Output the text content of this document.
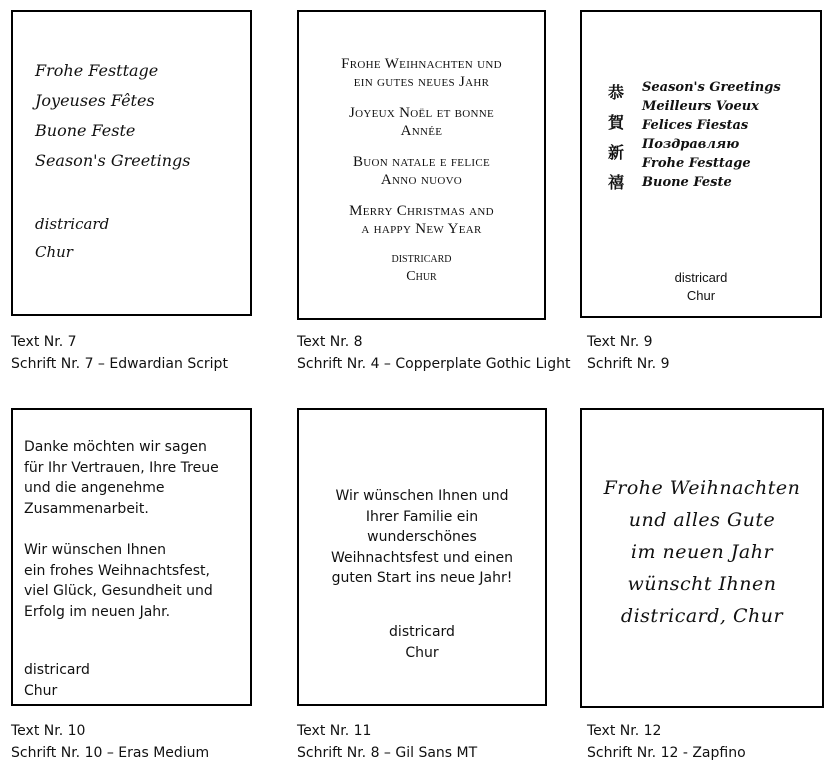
Frohe Festtage
Joyeuses Fêtes
Buone Feste
Season's Greetings
districard
Chur
Frohe Weihnachten und
ein gutes neues Jahr
Joyeux Noël et bonne
Année
Buon natale e felice
Anno nuovo
Merry Christmas and
a happy New Year
districard
Chur
恭
賀
新
禧
Season's Greetings
Meilleurs Voeux
Felices Fiestas
Поздравляю
Frohe Festtage
Buone Feste
districard
Chur
Danke möchten wir sagen
für Ihr Vertrauen, Ihre Treue
und die angenehme
Zusammenarbeit.
Wir wünschen Ihnen
ein frohes Weihnachtsfest,
viel Glück, Gesundheit und
Erfolg im neuen Jahr.
districard
Chur
Wir wünschen Ihnen und
Ihrer Familie ein
wunderschönes
Weihnachtsfest und einen
guten Start ins neue Jahr!
districard
Chur
Frohe Weihnachten
und alles Gute
im neuen Jahr
wünscht Ihnen
districard, Chur
Text Nr. 7
Schrift Nr. 7 – Edwardian Script
Text Nr. 8
Schrift Nr. 4 – Copperplate Gothic Light
Text Nr. 9
Schrift Nr. 9
Text Nr. 10
Schrift Nr. 10 – Eras Medium
Text Nr. 11
Schrift Nr. 8 – Gil Sans MT
Text Nr. 12
Schrift Nr. 12 - Zapfino
